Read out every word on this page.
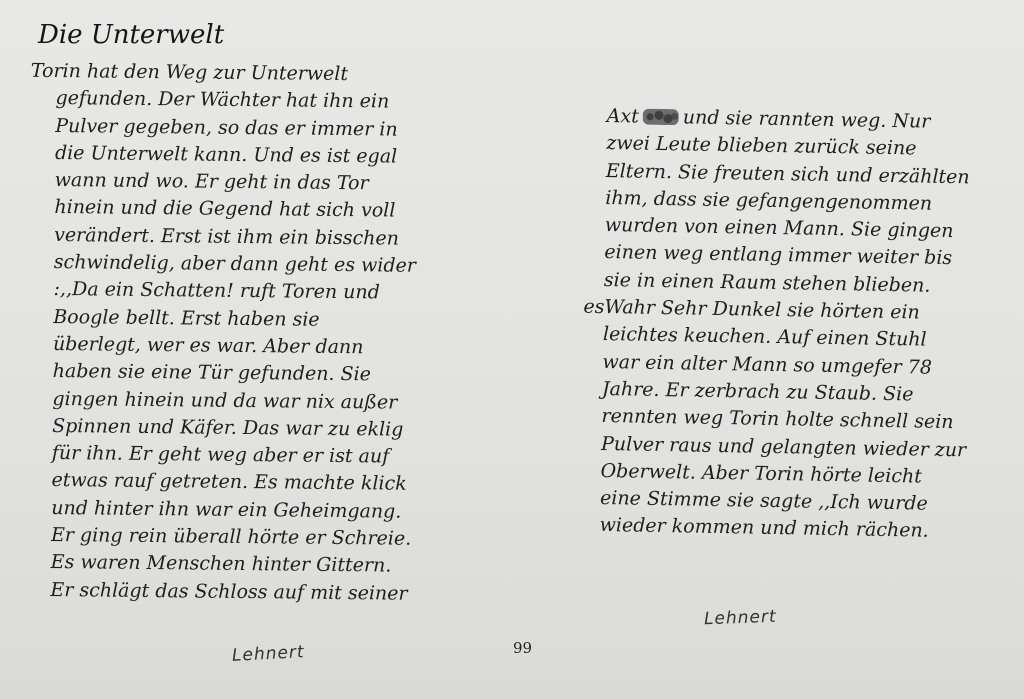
Die Unterwelt
Torin hat den Weg zur Unterwelt
gefunden. Der Wächter hat ihn ein
Pulver gegeben, so das er immer in
die Unterwelt kann. Und es ist egal
wann und wo. Er geht in das Tor
hinein und die Gegend hat sich voll
verändert. Erst ist ihm ein bisschen
schwindelig, aber dann geht es wider
:,,Da ein Schatten! ruft Toren und
Boogle bellt. Erst haben sie
überlegt, wer es war. Aber dann
haben sie eine Tür gefunden. Sie
gingen hinein und da war nix außer
Spinnen und Käfer. Das war zu eklig
für ihn. Er geht weg aber er ist auf
etwas rauf getreten. Es machte klick
und hinter ihn war ein Geheimgang.
Er ging rein überall hörte er Schreie.
Es waren Menschen hinter Gittern.
Er schlägt das Schloss auf mit seiner
Axt und sie rannten weg. Nur
zwei Leute blieben zurück seine
Eltern. Sie freuten sich und erzählten
ihm, dass sie gefangengenommen
wurden von einen Mann. Sie gingen
einen weg entlang immer weiter bis
sie in einen Raum stehen blieben.
esWahr Sehr Dunkel sie hörten ein
leichtes keuchen. Auf einen Stuhl
war ein alter Mann so umgefer 78
Jahre. Er zerbrach zu Staub. Sie
rennten weg Torin holte schnell sein
Pulver raus und gelangten wieder zur
Oberwelt. Aber Torin hörte leicht
eine Stimme sie sagte ,,Ich wurde
wieder kommen und mich rächen.
Lehnert	99
Lehnert
